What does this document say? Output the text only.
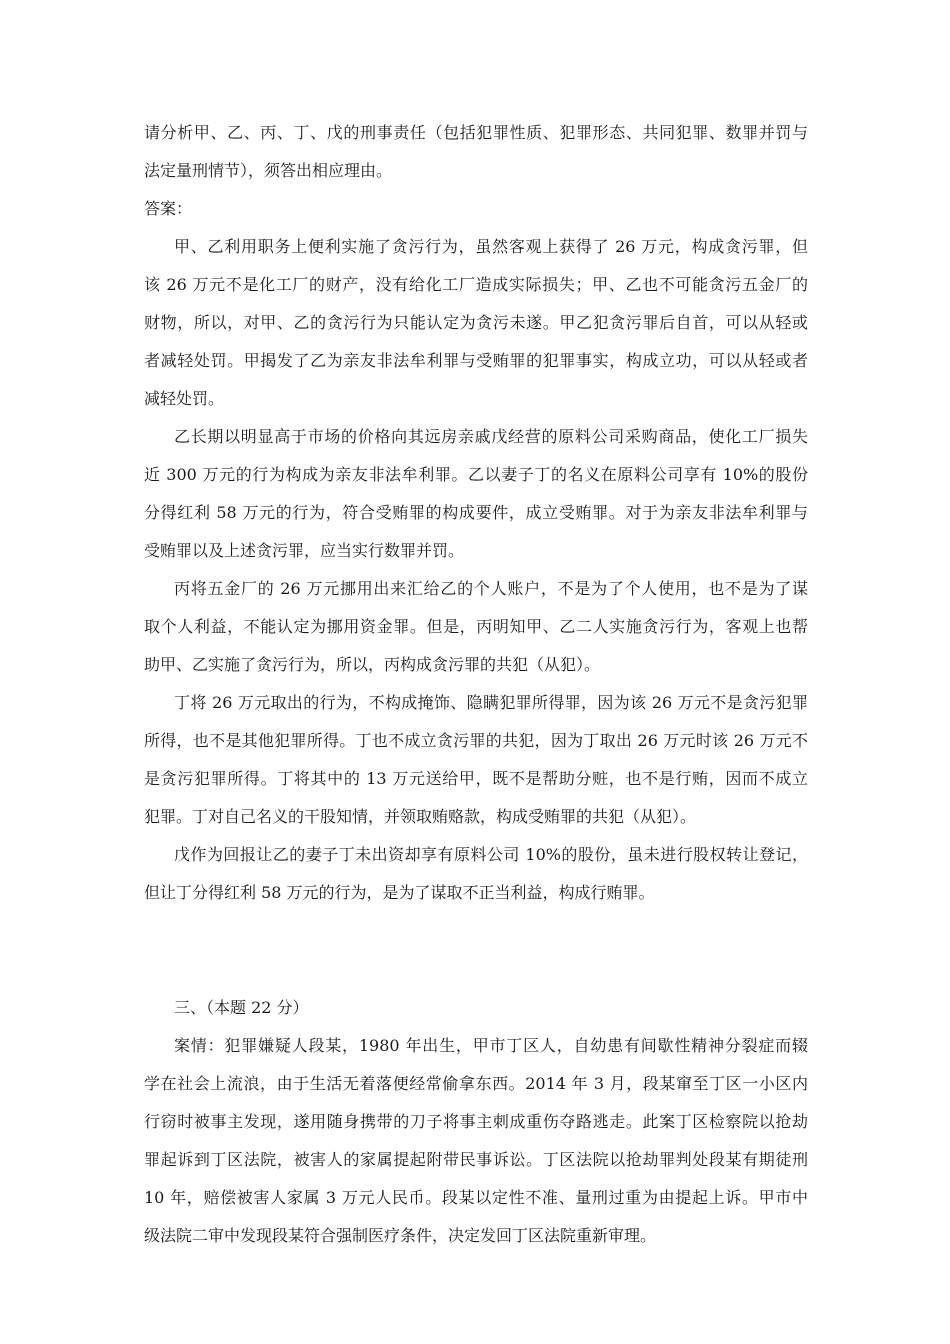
请分析甲、乙、丙、丁、戊的刑事责任（包括犯罪性质、犯罪形态、共同犯罪、数罪并罚与
法定量刑情节），须答出相应理由。
答案：
甲、乙利用职务上便利实施了贪污行为，虽然客观上获得了 26 万元，构成贪污罪，但
该 26 万元不是化工厂的财产，没有给化工厂造成实际损失；甲、乙也不可能贪污五金厂的
财物，所以，对甲、乙的贪污行为只能认定为贪污未遂。甲乙犯贪污罪后自首，可以从轻或
者减轻处罚。甲揭发了乙为亲友非法牟利罪与受贿罪的犯罪事实，构成立功，可以从轻或者
减轻处罚。
乙长期以明显高于市场的价格向其远房亲戚戊经营的原料公司采购商品，使化工厂损失
近 300 万元的行为构成为亲友非法牟利罪。乙以妻子丁的名义在原料公司享有 10%的股份
分得红利 58 万元的行为，符合受贿罪的构成要件，成立受贿罪。对于为亲友非法牟利罪与
受贿罪以及上述贪污罪，应当实行数罪并罚。
丙将五金厂的 26 万元挪用出来汇给乙的个人账户，不是为了个人使用，也不是为了谋
取个人利益，不能认定为挪用资金罪。但是，丙明知甲、乙二人实施贪污行为，客观上也帮
助甲、乙实施了贪污行为，所以，丙构成贪污罪的共犯（从犯）。
丁将 26 万元取出的行为，不构成掩饰、隐瞒犯罪所得罪，因为该 26 万元不是贪污犯罪
所得，也不是其他犯罪所得。丁也不成立贪污罪的共犯，因为丁取出 26 万元时该 26 万元不
是贪污犯罪所得。丁将其中的 13 万元送给甲，既不是帮助分赃，也不是行贿，因而不成立
犯罪。丁对自己名义的干股知情，并领取贿赂款，构成受贿罪的共犯（从犯）。
戊作为回报让乙的妻子丁未出资却享有原料公司 10%的股份，虽未进行股权转让登记，
但让丁分得红利 58 万元的行为，是为了谋取不正当利益，构成行贿罪。
三、（本题 22 分）
案情：犯罪嫌疑人段某，1980 年出生，甲市丁区人，自幼患有间歇性精神分裂症而辍
学在社会上流浪，由于生活无着落便经常偷拿东西。2014 年 3 月，段某窜至丁区一小区内
行窃时被事主发现，遂用随身携带的刀子将事主刺成重伤夺路逃走。此案丁区检察院以抢劫
罪起诉到丁区法院，被害人的家属提起附带民事诉讼。丁区法院以抢劫罪判处段某有期徒刑
10 年，赔偿被害人家属 3 万元人民币。段某以定性不准、量刑过重为由提起上诉。甲市中
级法院二审中发现段某符合强制医疗条件，决定发回丁区法院重新审理。
